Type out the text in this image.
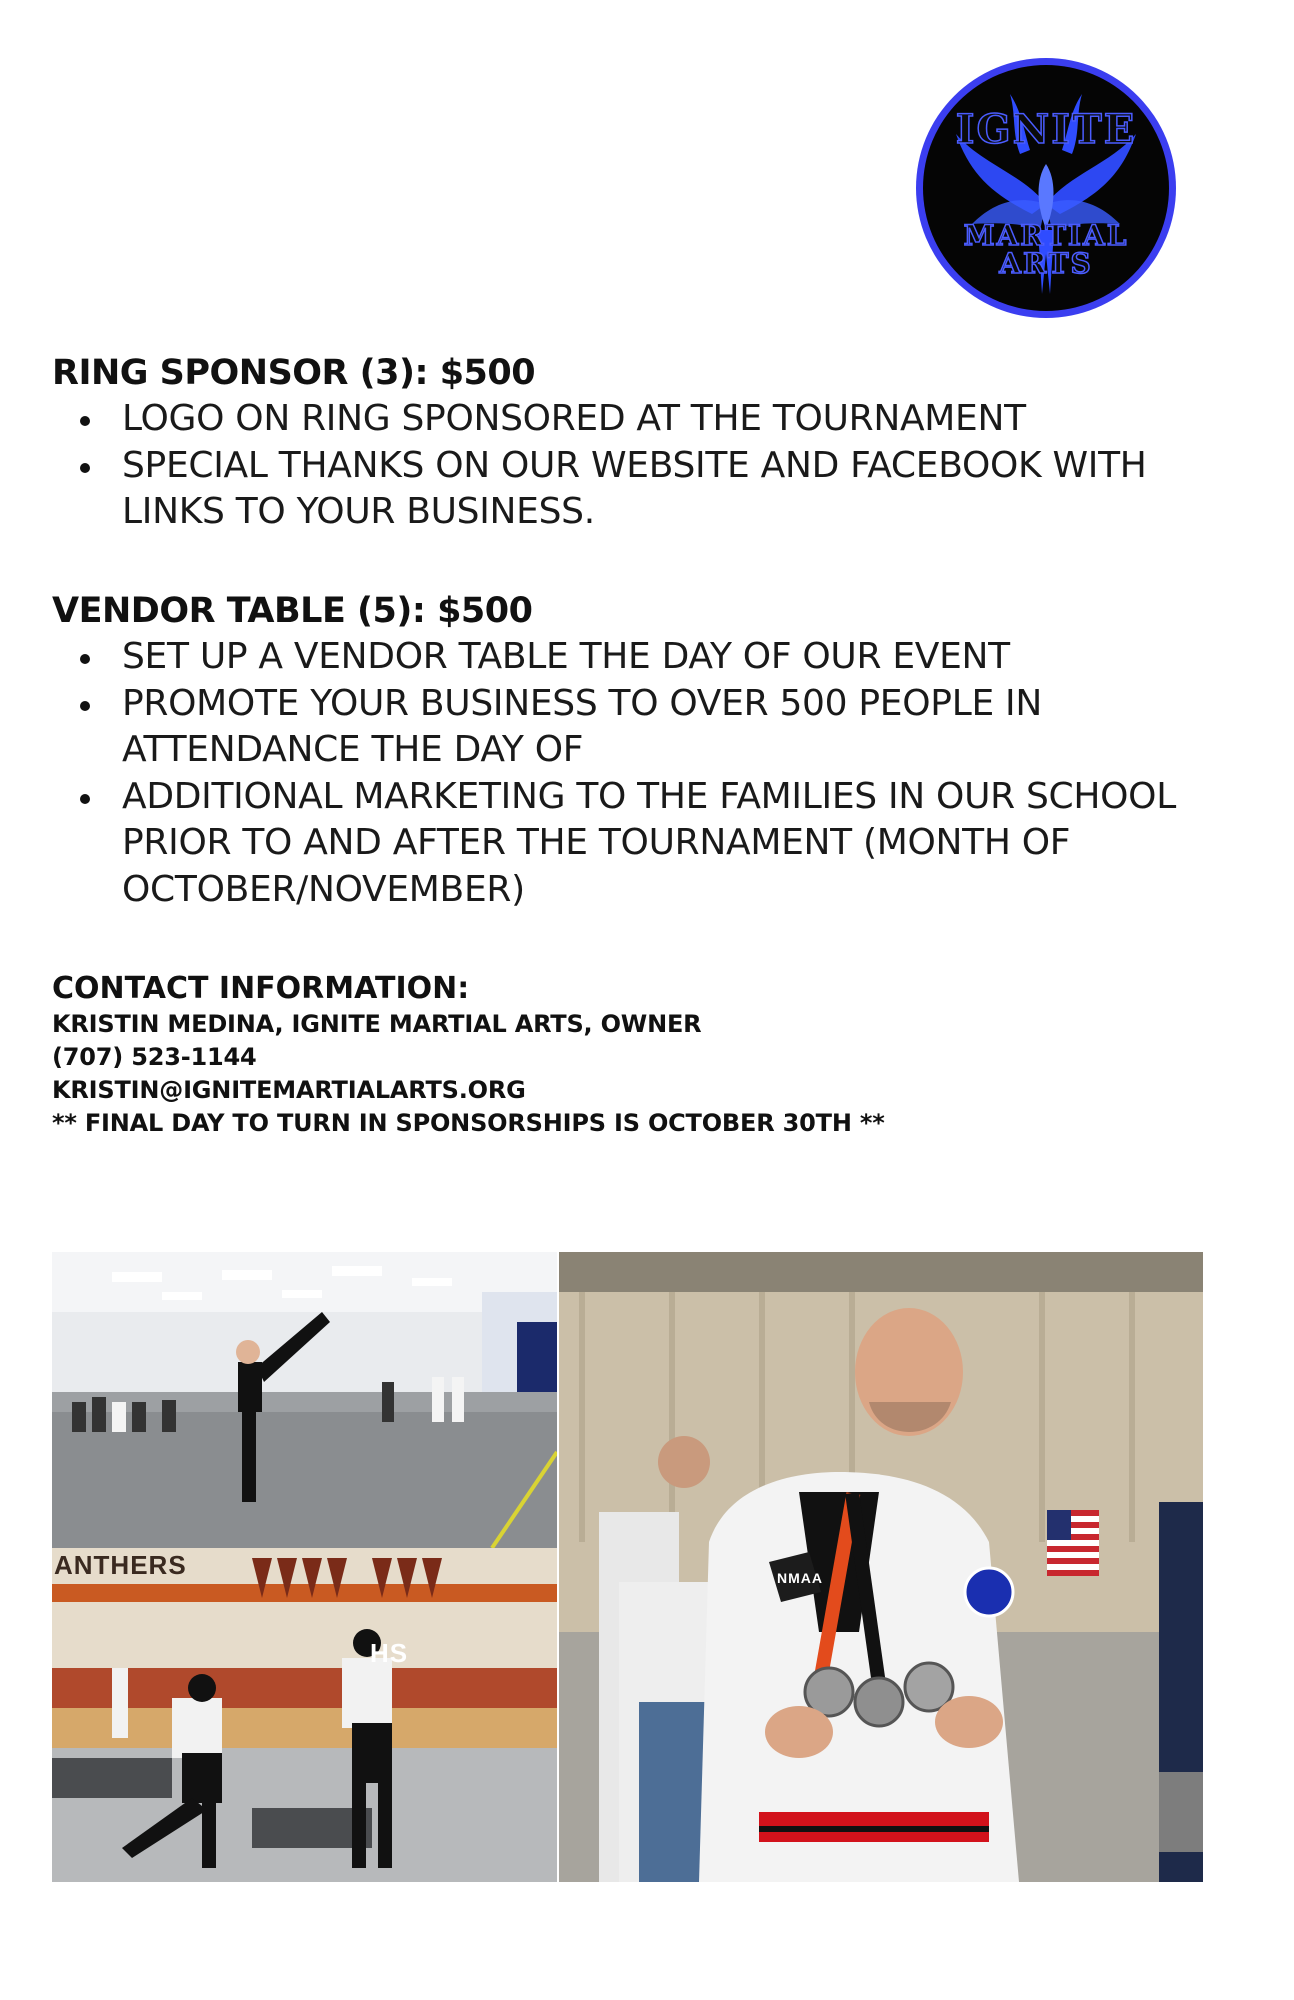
IGNITE
MARTIAL
ARTS
RING SPONSOR (3): $500
LOGO ON RING SPONSORED AT THE TOURNAMENT
SPECIAL THANKS ON OUR WEBSITE AND FACEBOOK WITH LINKS TO YOUR BUSINESS.
VENDOR TABLE (5): $500
SET UP A VENDOR TABLE THE DAY OF OUR EVENT
PROMOTE YOUR BUSINESS TO OVER 500 PEOPLE IN ATTENDANCE THE DAY OF
ADDITIONAL MARKETING TO THE FAMILIES IN OUR SCHOOL PRIOR TO AND AFTER THE TOURNAMENT (MONTH OF OCTOBER/NOVEMBER)
CONTACT INFORMATION:

KRISTIN MEDINA, IGNITE MARTIAL ARTS, OWNER

(707) 523-1144

KRISTIN@IGNITEMARTIALARTS.ORG

** FINAL DAY TO TURN IN SPONSORSHIPS IS OCTOBER 30TH **

ANTHERS
HS
NMAA
